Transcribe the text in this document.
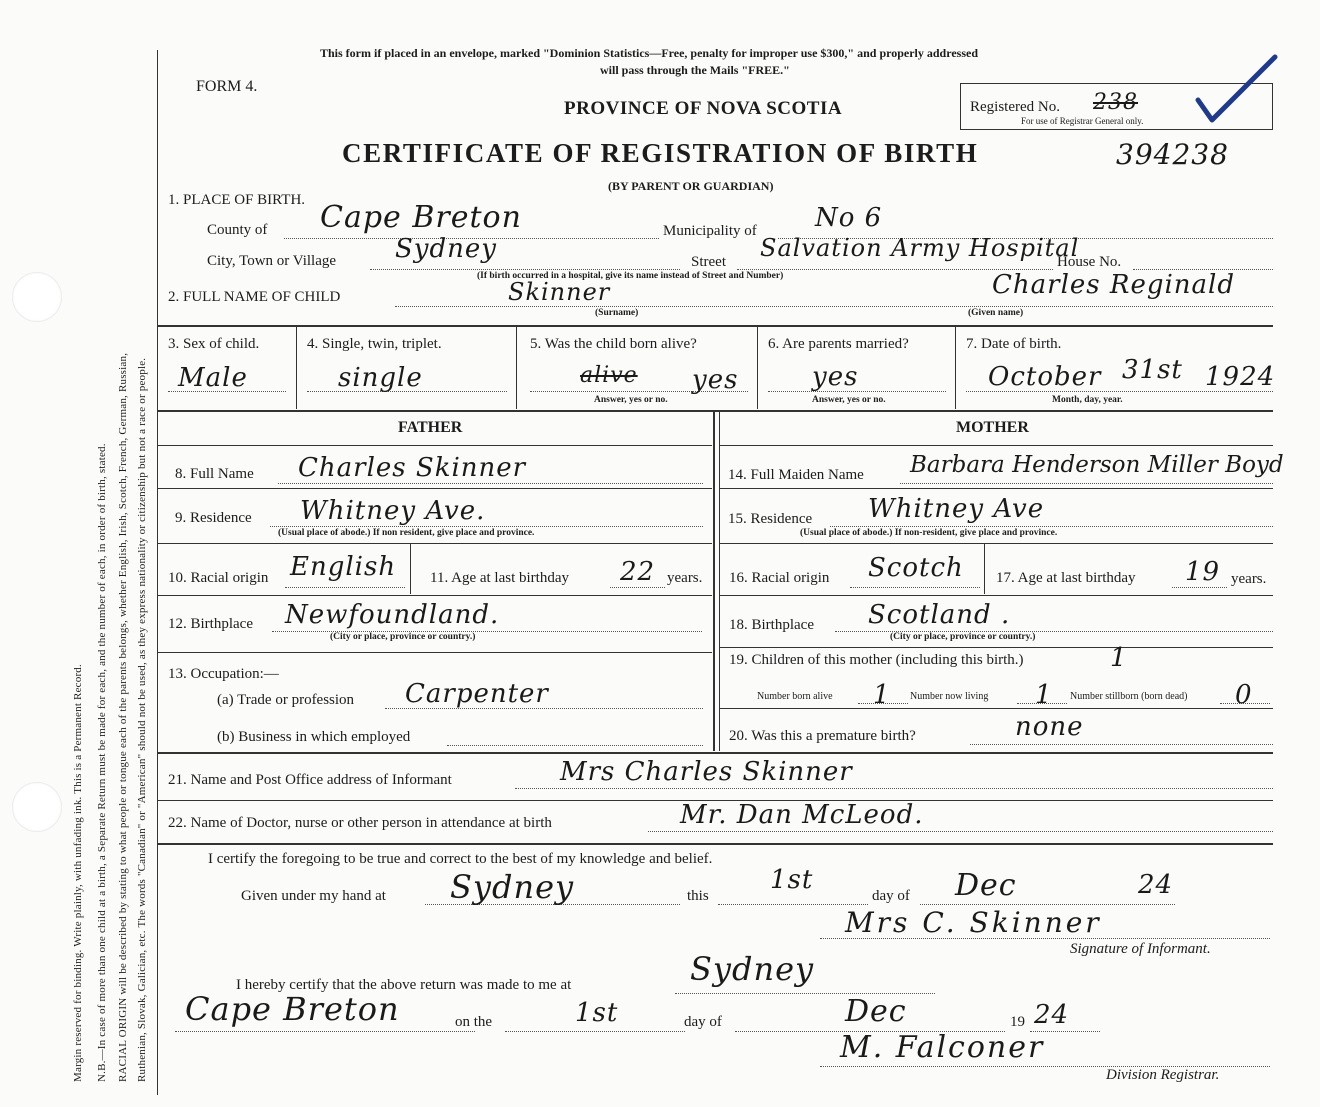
Margin reserved for binding. Write plainly, with unfading ink. This is a Permanent Record. N.B.—In case of more than one child at a birth, a Separate Return must be made for each, and the number of each, in order of birth, stated. RACIAL ORIGIN will be described by stating to what people or tongue each of the parents belongs, whether English, Irish, Scotch, French, German, Russian, Ruthenian, Slovak, Galician, etc. The words "Canadian" or "American" should not be used, as they express nationality or citizenship but not a race or people.
This form if placed in an envelope, marked "Dominion Statistics—Free, penalty for improper use $300," and properly addressed
will pass through the Mails "FREE."
FORM 4.
PROVINCE OF NOVA SCOTIA
CERTIFICATE OF REGISTRATION OF BIRTH	394238
(BY PARENT OR GUARDIAN)
Registered No. 238
For use of Registrar General only.
1. PLACE OF BIRTH.
County of Cape Breton	Municipality of No 6
City, Town or Village Sydney	Street Salvation Army Hospital
House No.
(If birth occurred in a hospital, give its name instead of Street and Number)
2. FULL NAME OF CHILD	Skinner	Charles Reginald
(Surname)	(Given name)
3. Sex of child.
Male
4. Single, twin, triplet.
single
5. Was the child born alive?
alive yes
Answer, yes or no.
6. Are parents married?
yes
Answer, yes or no.
7. Date of birth.
October 31st 1924
Month, day, year.
FATHER	MOTHER
8. Full Name Charles Skinner
9. Residence Whitney Ave.
(Usual place of abode.) If non resident, give place and province.
10. Racial origin English 11. Age at last birthday 22 years.
12. Birthplace Newfoundland.
(City or place, province or country.)
13. Occupation:—
(a) Trade or profession Carpenter
(b) Business in which employed
14. Full Maiden Name Barbara Henderson Miller Boyd
15. Residence Whitney Ave
(Usual place of abode.) If non-resident, give place and province.
16. Racial origin Scotch 17. Age at last birthday 19 years.
18. Birthplace Scotland .
(City or place, province or country.)
19. Children of this mother (including this birth.)	1
Number born alive 1 Number now living 1 Number stillborn (born dead) 0
20. Was this a premature birth?	none
21. Name and Post Office address of Informant	Mrs Charles Skinner
22. Name of Doctor, nurse or other person in attendance at birth	Mr. Dan McLeod.
I certify the foregoing to be true and correct to the best of my knowledge and belief.
Given under my hand at Sydney	this
1st
day of Dec	24
Mrs C. Skinner
Signature of Informant.
I hereby certify that the above return was made to me at	Sydney
Cape Breton	on the	1st	day of	Dec	19 24
M. Falconer
Division Registrar.
